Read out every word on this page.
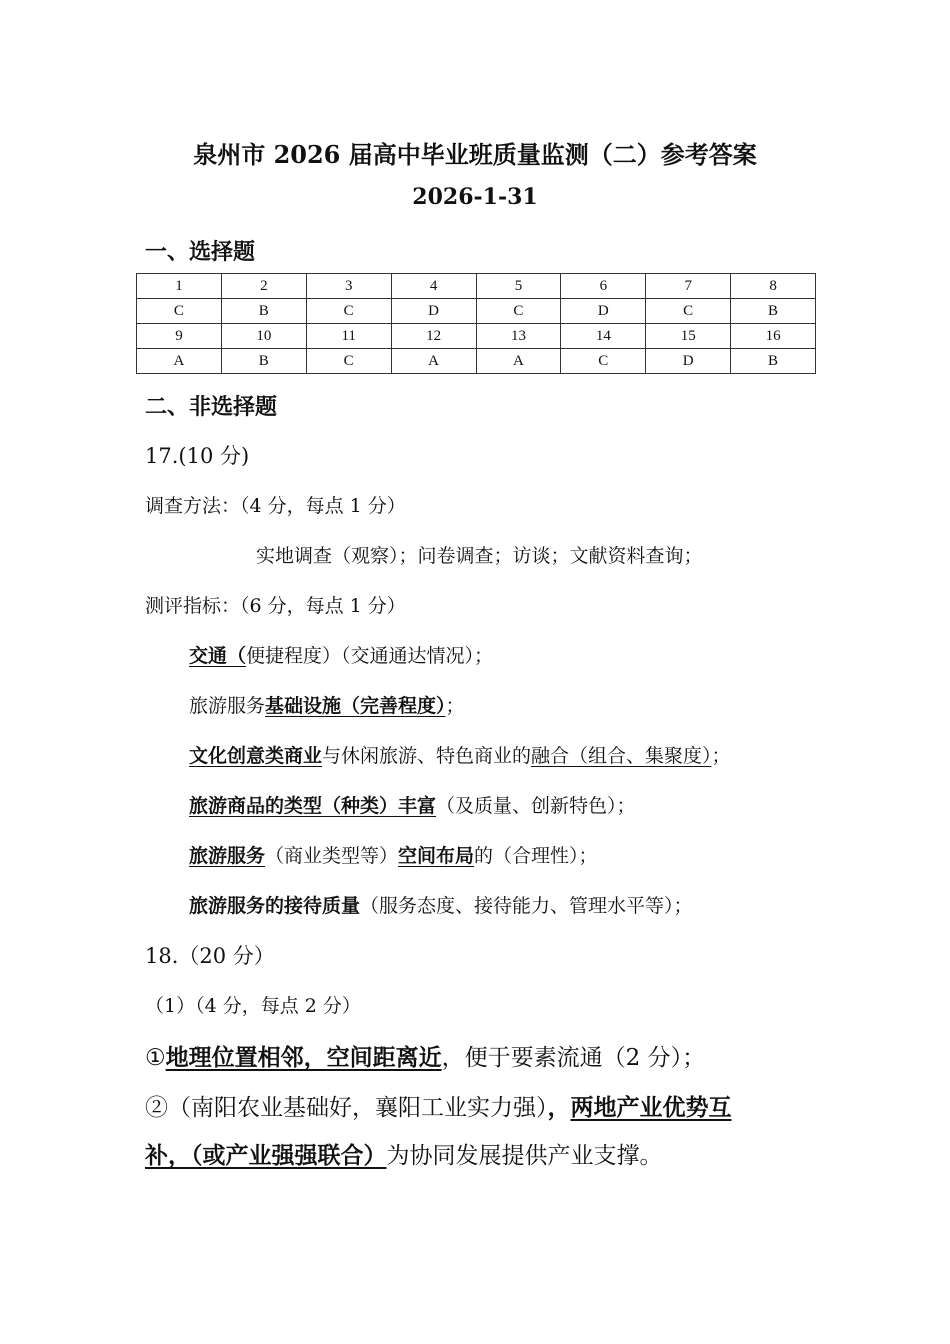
泉州市 2026 届高中毕业班质量监测（二）参考答案
2026-1-31
一、选择题
1	2	3	4	5	6	7	8
C	B	C	D	C	D	C	B
9	10	11	12	13	14	15	16
A	B	C	A	A	C	D	B
二、非选择题
17.(10 分)
调查方法：（4 分，每点 1 分）
实地调查（观察）；问卷调查；访谈；文献资料查询；
测评指标：（6 分，每点 1 分）
交通（便捷程度）（交通通达情况）；
旅游服务基础设施（完善程度）；
文化创意类商业与休闲旅游、特色商业的融合（组合、集聚度）；
旅游商品的类型（种类）丰富（及质量、创新特色）；
旅游服务（商业类型等）空间布局的（合理性）；
旅游服务的接待质量（服务态度、接待能力、管理水平等）；
18.（20 分）
（1）（4 分，每点 2 分）
①地理位置相邻，空间距离近，便于要素流通（2 分）；
②（南阳农业基础好，襄阳工业实力强），两地产业优势互
补，（或产业强强联合）为协同发展提供产业支撑。
